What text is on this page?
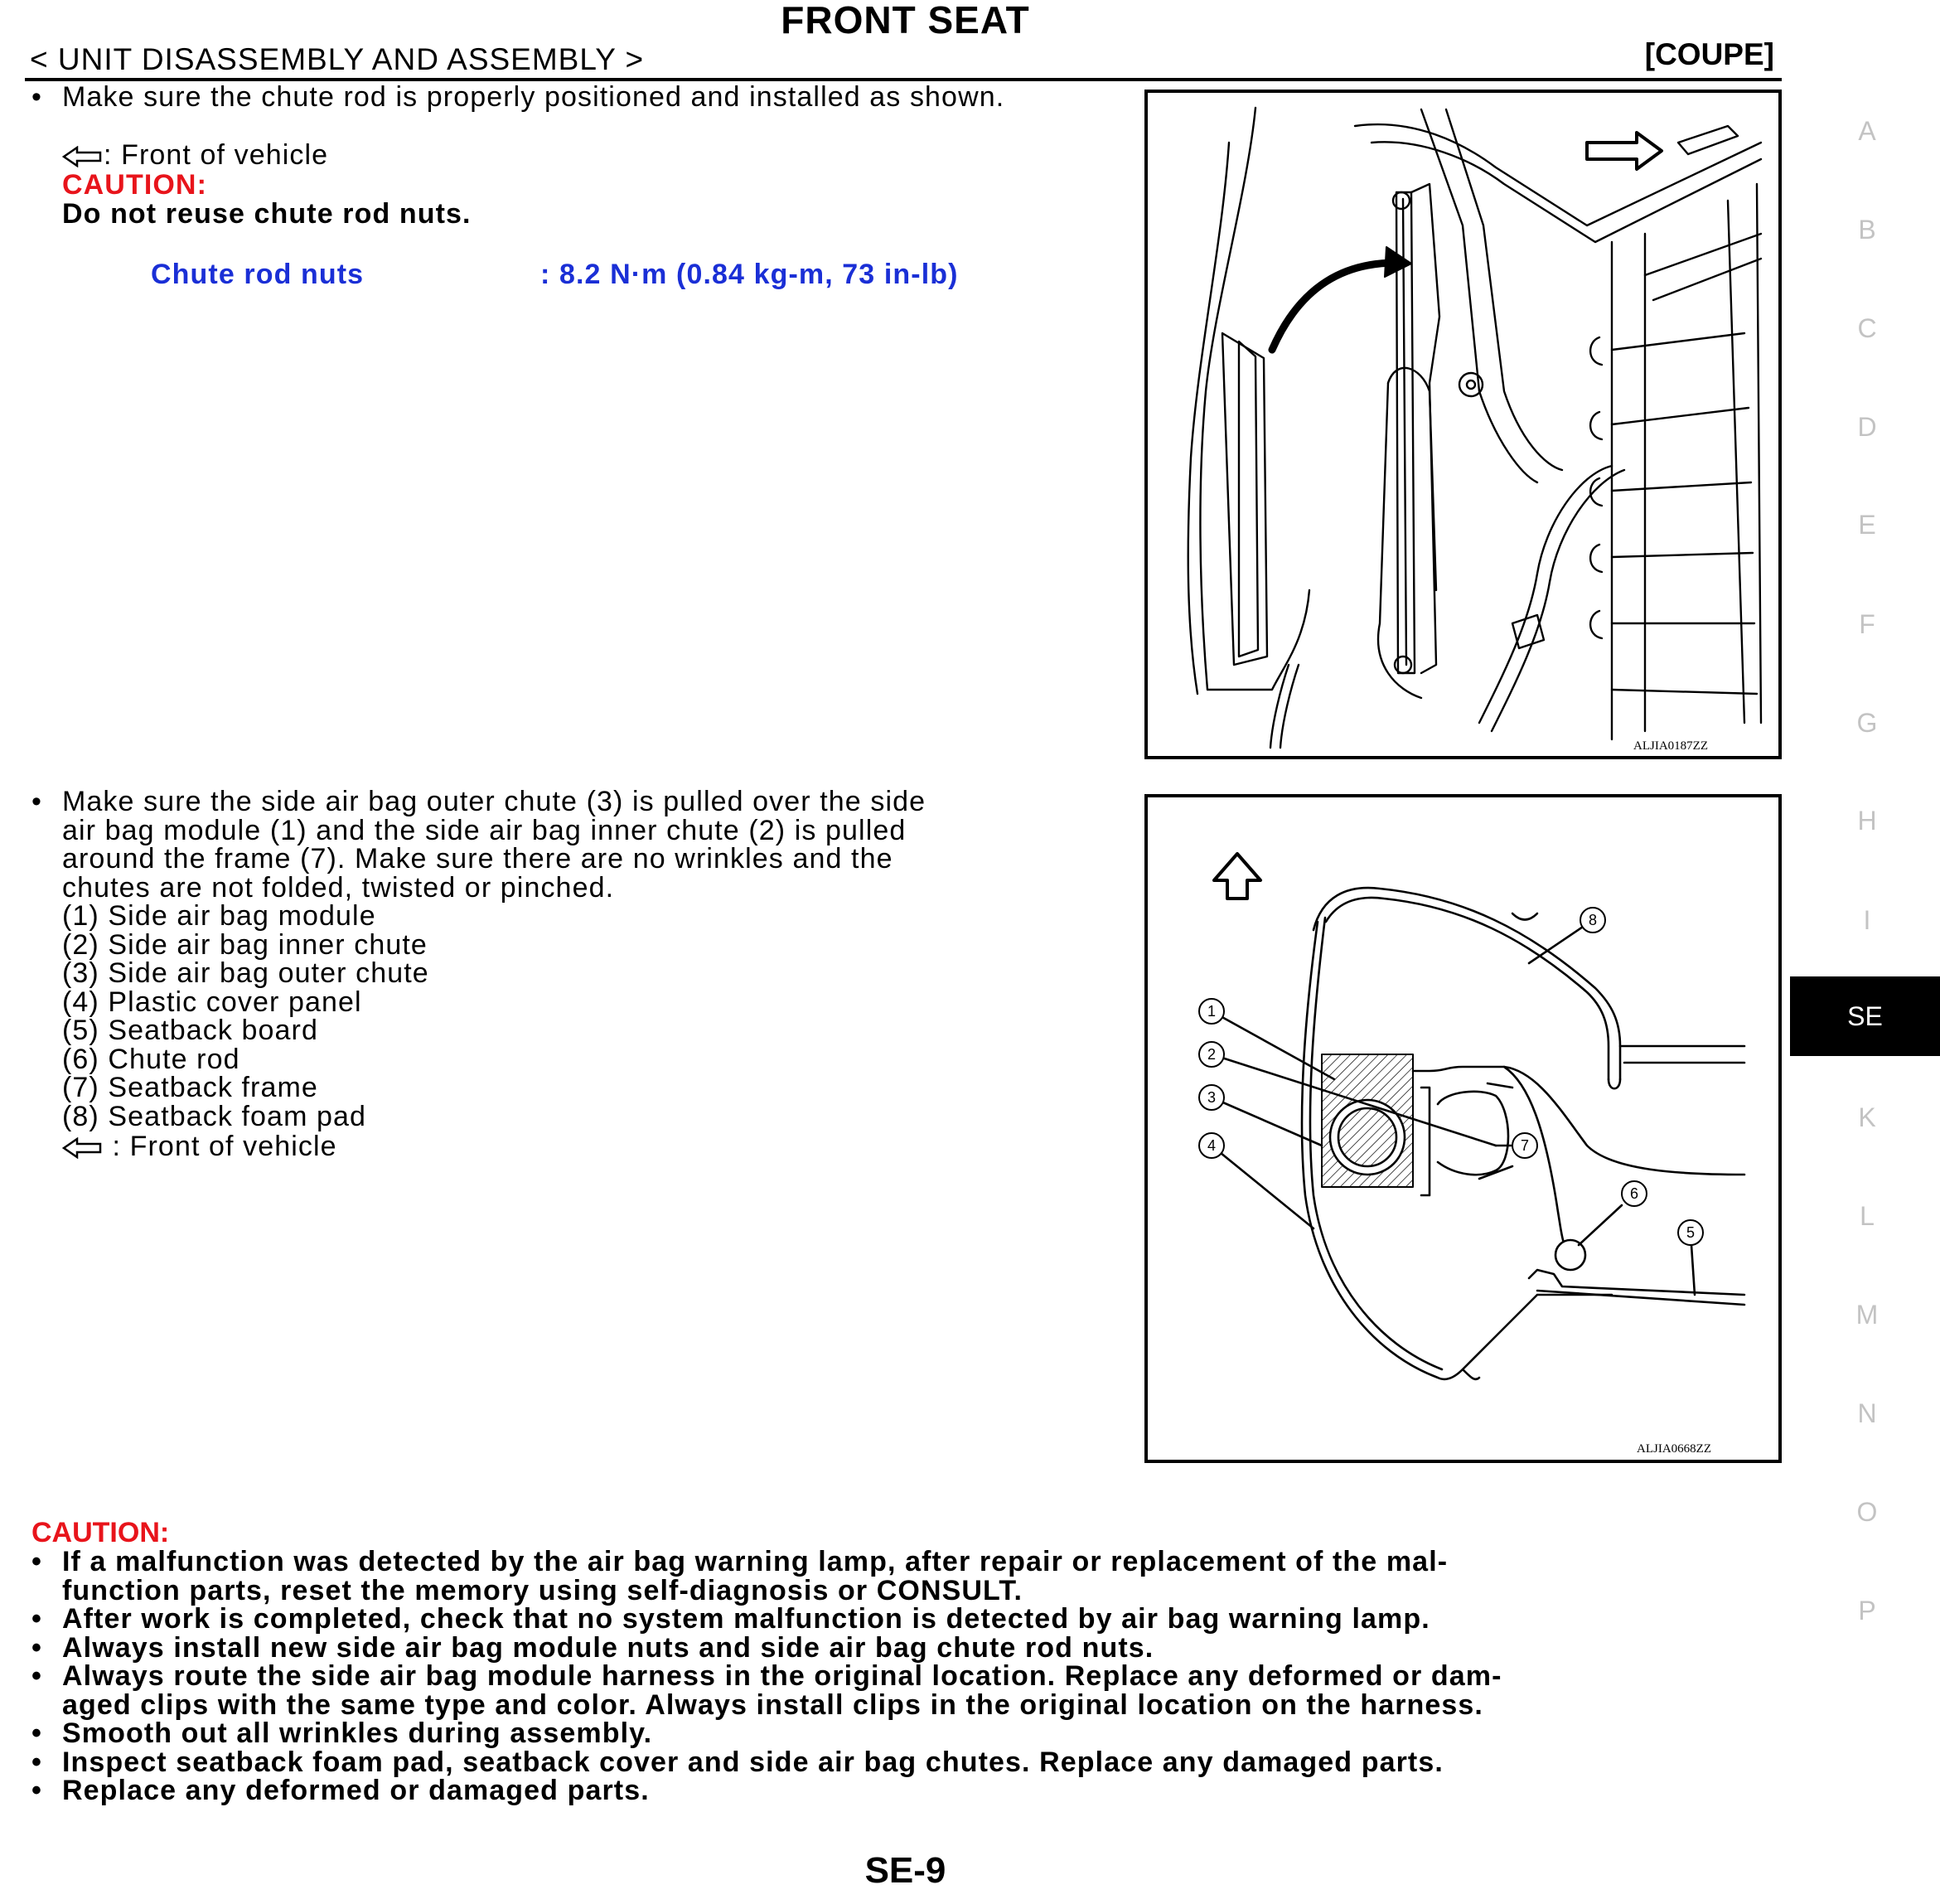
FRONT SEAT
< UNIT DISASSEMBLY AND ASSEMBLY >	[COUPE]
• Make sure the chute rod is properly positioned and installed as shown.
: Front of vehicle
CAUTION:
Do not reuse chute rod nuts.
Chute rod nuts	: 8.2 N·m (0.84 kg-m, 73 in-lb)
ALJIA0187ZZ
• Make sure the side air bag outer chute (3) is pulled over the side
air bag module (1) and the side air bag inner chute (2) is pulled
around the frame (7). Make sure there are no wrinkles and the
chutes are not folded, twisted or pinched.
(1) Side air bag module
(2) Side air bag inner chute
(3) Side air bag outer chute
(4) Plastic cover panel
(5) Seatback board
(6) Chute rod
(7) Seatback frame
(8) Seatback foam pad
: Front of vehicle
1
2
3
4
5
6
7
8
ALJIA0668ZZ
CAUTION:
• If a malfunction was detected by the air bag warning lamp, after repair or replacement of the mal-
function parts, reset the memory using self-diagnosis or CONSULT.
• After work is completed, check that no system malfunction is detected by air bag warning lamp.
• Always install new side air bag module nuts and side air bag chute rod nuts.
• Always route the side air bag module harness in the original location. Replace any deformed or dam-
aged clips with the same type and color. Always install clips in the original location on the harness.
• Smooth out all wrinkles during assembly.
• Inspect seatback foam pad, seatback cover and side air bag chutes. Replace any damaged parts.
• Replace any deformed or damaged parts.
SE-9
A
B
C
D
E
F
G
H
I
SE
K
L
M
N
O
P
